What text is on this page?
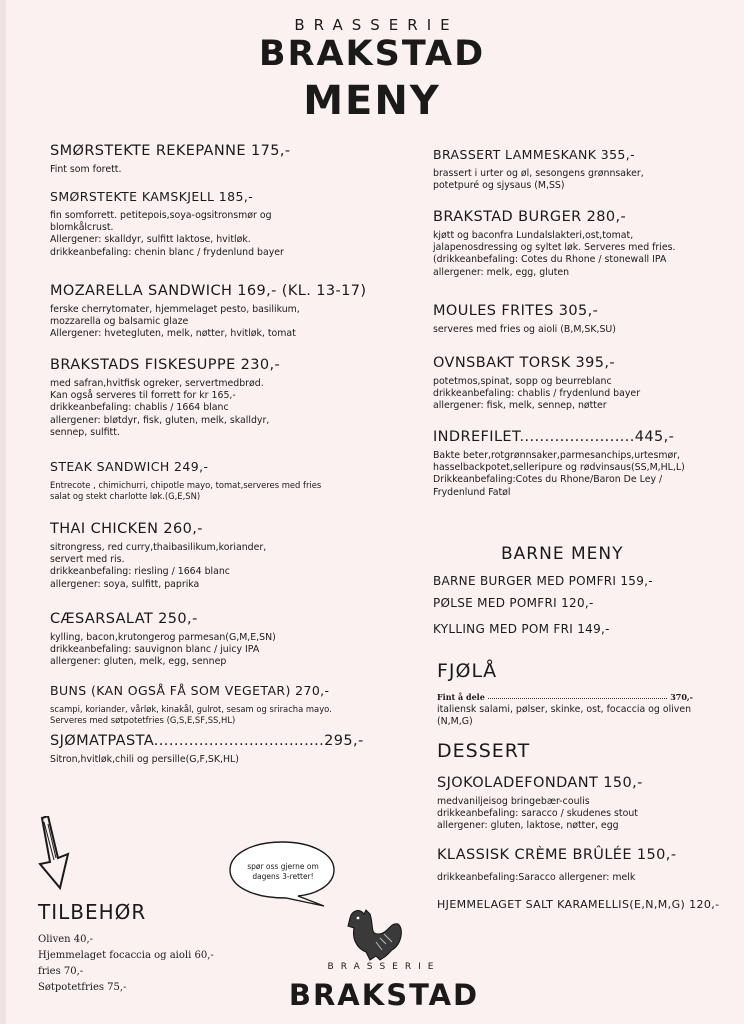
BRASSERIE
BRAKSTAD
MENY
SMØRSTEKTE REKEPANNE 175,-
Fint som forett.
SMØRSTEKTE KAMSKJELL 185,-
fin somforrett. petitepois,soya-ogsitronsmør og
blomkålcrust.
Allergener: skalldyr, sulfitt laktose, hvitløk.
drikkeanbefaling: chenin blanc / frydenlund bayer
MOZARELLA SANDWICH 169,- (KL. 13-17)
ferske cherrytomater, hjemmelaget pesto, basilikum,
mozzarella og balsamic glaze
Allergener: hvetegluten, melk, nøtter, hvitløk, tomat
BRAKSTADS FISKESUPPE 230,-
med safran,hvitfisk ogreker, servertmedbrød.
Kan også serveres til forrett for kr 165,-
drikkeanbefaling: chablis / 1664 blanc
allergener: bløtdyr, fisk, gluten, melk, skalldyr,
sennep, sulfitt.
STEAK SANDWICH 249,-
Entrecote , chimichurri, chipotle mayo, tomat,serveres med fries
salat og stekt charlotte løk.(G,E,SN)
THAI CHICKEN 260,-
sitrongress, red curry,thaibasilikum,koriander,
servert med ris.
drikkeanbefaling: riesling / 1664 blanc
allergener: soya, sulfitt, paprika
CÆSARSALAT 250,-
kylling, bacon,krutongerog parmesan(G,M,E,SN)
drikkeanbefaling: sauvignon blanc / juicy IPA
allergener: gluten, melk, egg, sennep
BUNS (KAN OGSÅ FÅ SOM VEGETAR) 270,-
scampi, koriander, vårløk, kinakål, gulrot, sesam og sriracha mayo.
Serveres med søtpotetfries (G,S,E,SF,SS,HL)
SJØMATPASTA..................................295,-
Sitron,hvitløk,chili og persille(G,F,SK,HL)
BRASSERT LAMMESKANK 355,-
brassert i urter og øl, sesongens grønnsaker,
potetpuré og sjysaus (M,SS)
BRAKSTAD BURGER 280,-
kjøtt og baconfra Lundalslakteri,ost,tomat,
jalapenosdressing og syltet løk. Serveres med fries.
(drikkeanbefaling: Cotes du Rhone / stonewall IPA
allergener: melk, egg, gluten
MOULES FRITES 305,-
serveres med fries og aioli (B,M,SK,SU)
OVNSBAKT TORSK 395,-
potetmos,spinat, sopp og beurreblanc
drikkeanbefaling: chablis / frydenlund bayer
allergener: fisk, melk, sennep, nøtter
INDREFILET.......................445,-
Bakte beter,rotgrønnsaker,parmesanchips,urtesmør,
hasselbackpotet,selleripure og rødvinsaus(SS,M,HL,L)
Drikkeanbefaling:Cotes du Rhone/Baron De Ley /
Frydenlund Fatøl
BARNE MENY
BARNE BURGER MED POMFRI 159,-
PØLSE MED POMFRI 120,-
KYLLING MED POM FRI 149,-
FJØLÅ
Fint å dele	370,-
italiensk salami, pølser, skinke, ost, focaccia og oliven
(N,M,G)
DESSERT
SJOKOLADEFONDANT 150,-
medvaniljeisog bringebær-coulis
drikkeanbefaling: saracco / skudenes stout
allergener: gluten, laktose, nøtter, egg
KLASSISK CRÈME BRÛLÉE 150,-
drikkeanbefaling:Saracco allergener: melk
HJEMMELAGET SALT KARAMELLIS(E,N,M,G) 120,-
TILBEHØR
Oliven 40,-
Hjemmelaget focaccia og aioli 60,-
fries 70,-
Søtpotetfries 75,-
spør oss gjerne om dagens 3-retter!
BRASSERIE
BRAKSTAD
